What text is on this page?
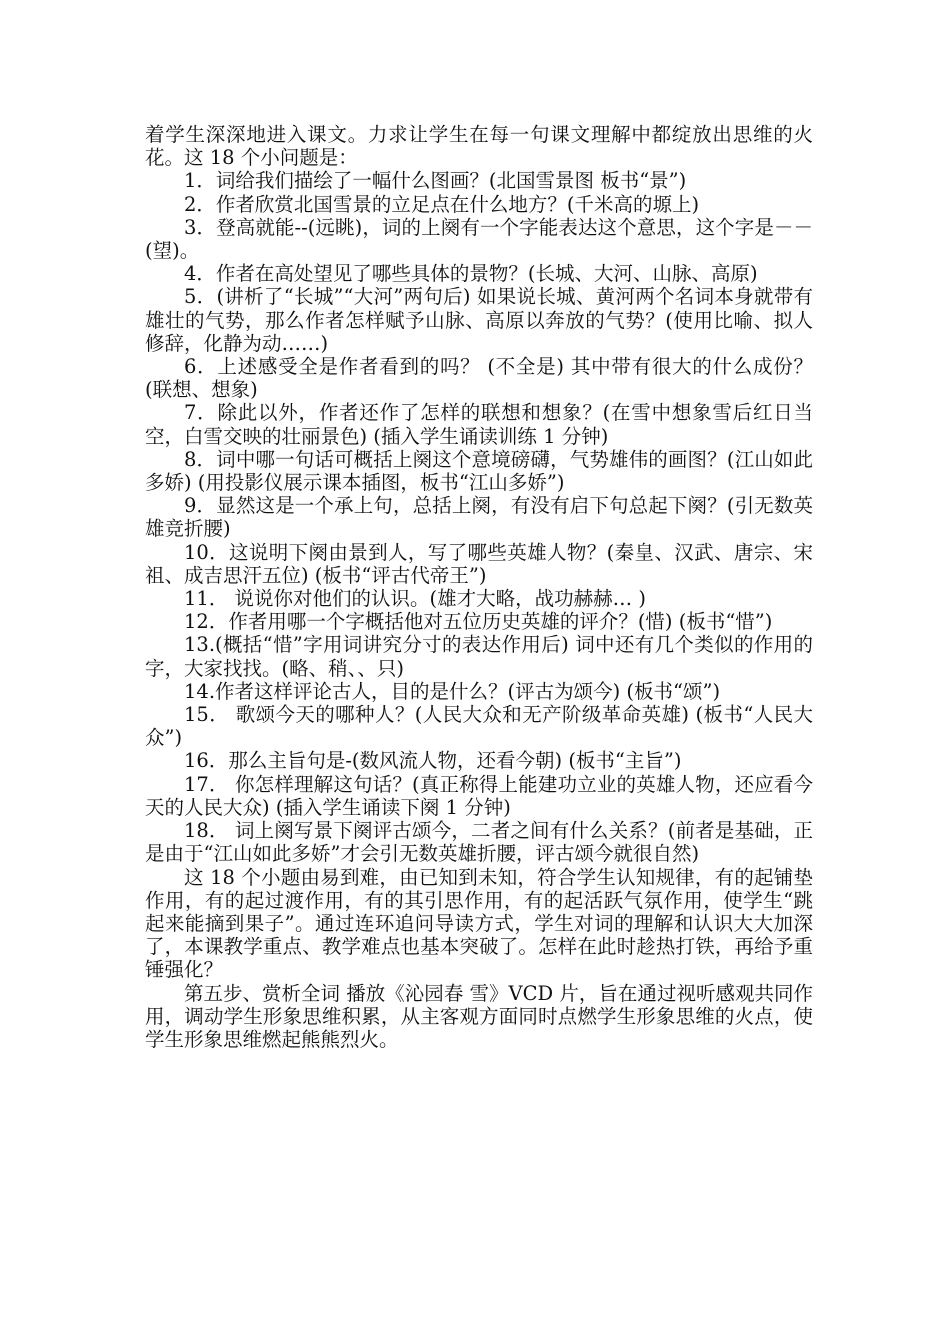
着学生深深地进入课文。力求让学生在每一句课文理解中都绽放出思维的火花。这 18 个小问题是：

1．词给我们描绘了一幅什么图画？(北国雪景图 板书“景”)

2．作者欣赏北国雪景的立足点在什么地方？(千米高的塬上)

3．登高就能--(远眺)，词的上阕有一个字能表达这个意思，这个字是－－(望)。

4．作者在高处望见了哪些具体的景物？(长城、大河、山脉、高原)

5．(讲析了“长城”“大河”两句后) 如果说长城、黄河两个名词本身就带有雄壮的气势，那么作者怎样赋予山脉、高原以奔放的气势？(使用比喻、拟人修辞，化静为动……)

6．上述感受全是作者看到的吗？ (不全是) 其中带有很大的什么成份？(联想、想象)

7．除此以外，作者还作了怎样的联想和想象？(在雪中想象雪后红日当空，白雪交映的壮丽景色) (插入学生诵读训练 1 分钟)

8．词中哪一句话可概括上阕这个意境磅礴，气势雄伟的画图？(江山如此多娇) (用投影仪展示课本插图，板书“江山多娇”)

9．显然这是一个承上句，总括上阕，有没有启下句总起下阕？(引无数英雄竞折腰)

10．这说明下阕由景到人，写了哪些英雄人物？(秦皇、汉武、唐宗、宋祖、成吉思汗五位) (板书“评古代帝王”)

11． 说说你对他们的认识。(雄才大略，战功赫赫… )

12．作者用哪一个字概括他对五位历史英雄的评介？(惜) (板书“惜”)

13.(概括“惜”字用词讲究分寸的表达作用后) 词中还有几个类似的作用的字，大家找找。(略、稍、、只)

14.作者这样评论古人，目的是什么？(评古为颂今) (板书“颂”)

15． 歌颂今天的哪种人？(人民大众和无产阶级革命英雄) (板书“人民大众”)

16．那么主旨句是-(数风流人物，还看今朝) (板书“主旨”)

17． 你怎样理解这句话？(真正称得上能建功立业的英雄人物，还应看今天的人民大众) (插入学生诵读下阕 1 分钟)

18． 词上阕写景下阕评古颂今，二者之间有什么关系？(前者是基础，正是由于“江山如此多娇”才会引无数英雄折腰，评古颂今就很自然)

这 18 个小题由易到难，由已知到未知，符合学生认知规律，有的起铺垫作用，有的起过渡作用，有的其引思作用，有的起活跃气氛作用，使学生“跳起来能摘到果子”。通过连环追问导读方式，学生对词的理解和认识大大加深了，本课教学重点、教学难点也基本突破了。怎样在此时趁热打铁，再给予重锤强化？

第五步、赏析全词 播放《沁园春 雪》VCD 片，旨在通过视听感观共同作用，调动学生形象思维积累，从主客观方面同时点燃学生形象思维的火点，使学生形象思维燃起熊熊烈火。
